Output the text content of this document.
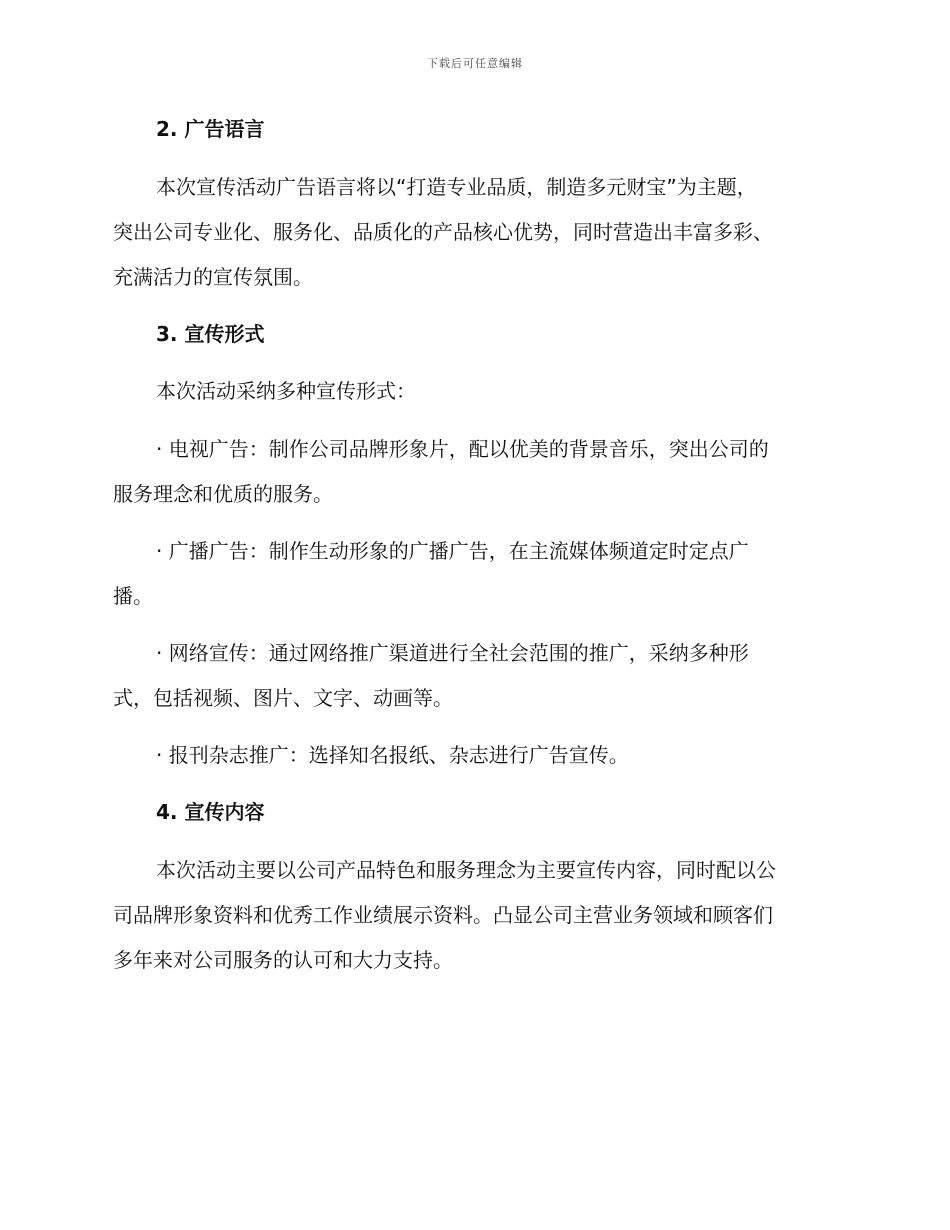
下载后可任意编辑
2. 广告语言
本次宣传活动广告语言将以“打造专业品质，制造多元财宝”为主题，
突出公司专业化、服务化、品质化的产品核心优势，同时营造出丰富多彩、
充满活力的宣传氛围。
3. 宣传形式
本次活动采纳多种宣传形式：
· 电视广告：制作公司品牌形象片，配以优美的背景音乐，突出公司的
服务理念和优质的服务。
· 广播广告：制作生动形象的广播广告，在主流媒体频道定时定点广
播。
· 网络宣传：通过网络推广渠道进行全社会范围的推广，采纳多种形
式，包括视频、图片、文字、动画等。
· 报刊杂志推广：选择知名报纸、杂志进行广告宣传。
4. 宣传内容
本次活动主要以公司产品特色和服务理念为主要宣传内容，同时配以公
司品牌形象资料和优秀工作业绩展示资料。凸显公司主营业务领域和顾客们
多年来对公司服务的认可和大力支持。
